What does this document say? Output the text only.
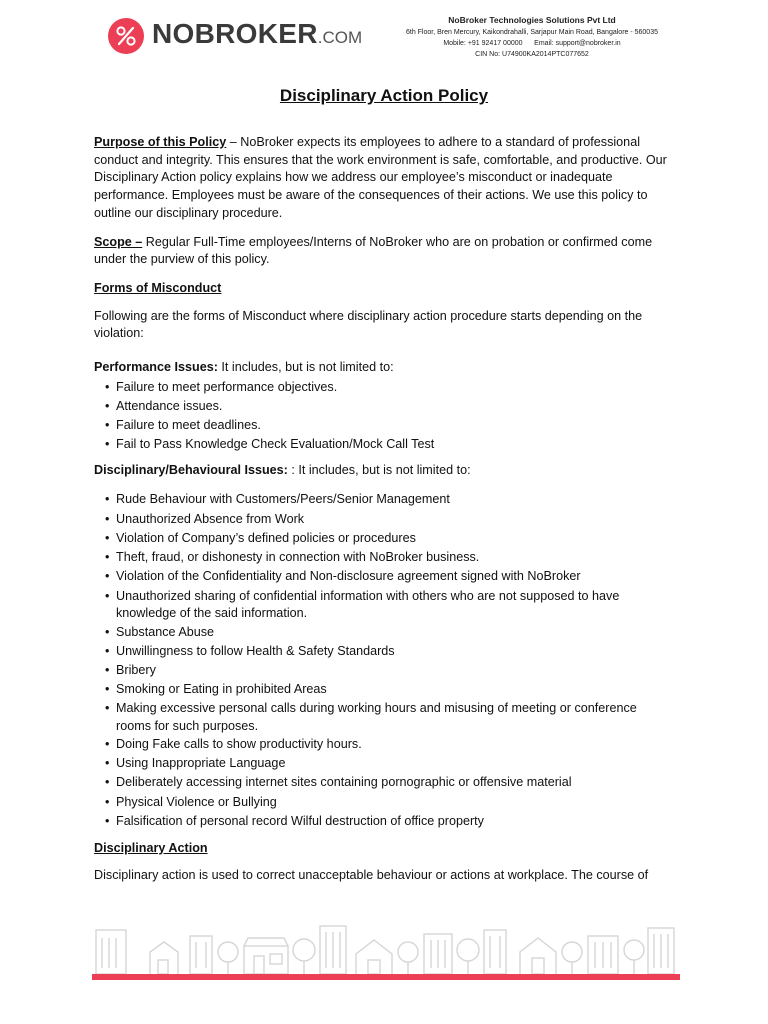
NOBROKER.COM
NoBroker Technologies Solutions Pvt Ltd
6th Floor, Bren Mercury, Kaikondrahalli, Sarjapur Main Road, Bangalore - 560035
Mobile: +91 92417 00000      Email: support@nobroker.in
CIN No: U74900KA2014PTC077652
Disciplinary Action Policy

Purpose of this Policy – NoBroker expects its employees to adhere to a standard of professional conduct and integrity. This ensures that the work environment is safe, comfortable, and productive. Our Disciplinary Action policy explains how we address our employee’s misconduct or inadequate performance. Employees must be aware of the consequences of their actions. We use this policy to outline our disciplinary procedure.

Scope – Regular Full-Time employees/Interns of NoBroker who are on probation or confirmed come under the purview of this policy.

Forms of Misconduct

Following are the forms of Misconduct where disciplinary action procedure starts depending on the violation:

Performance Issues: It includes, but is not limited to:

• Failure to meet performance objectives.
• Attendance issues.
• Failure to meet deadlines.
• Fail to Pass Knowledge Check Evaluation/Mock Call Test

Disciplinary/Behavioural Issues: : It includes, but is not limited to:

• Rude Behaviour with Customers/Peers/Senior Management
• Unauthorized Absence from Work
• Violation of Company’s defined policies or procedures
• Theft, fraud, or dishonesty in connection with NoBroker business.
• Violation of the Confidentiality and Non-disclosure agreement signed with NoBroker
• Unauthorized sharing of confidential information with others who are not supposed to have knowledge of the said information.
• Substance Abuse
• Unwillingness to follow Health & Safety Standards
• Bribery
• Smoking or Eating in prohibited Areas
• Making excessive personal calls during working hours and misusing of meeting or conference rooms for such purposes.
• Doing Fake calls to show productivity hours.
• Using Inappropriate Language
• Deliberately accessing internet sites containing pornographic or offensive material
• Physical Violence or Bullying
• Falsification of personal record Wilful destruction of office property

Disciplinary Action

Disciplinary action is used to correct unacceptable behaviour or actions at workplace. The course of
